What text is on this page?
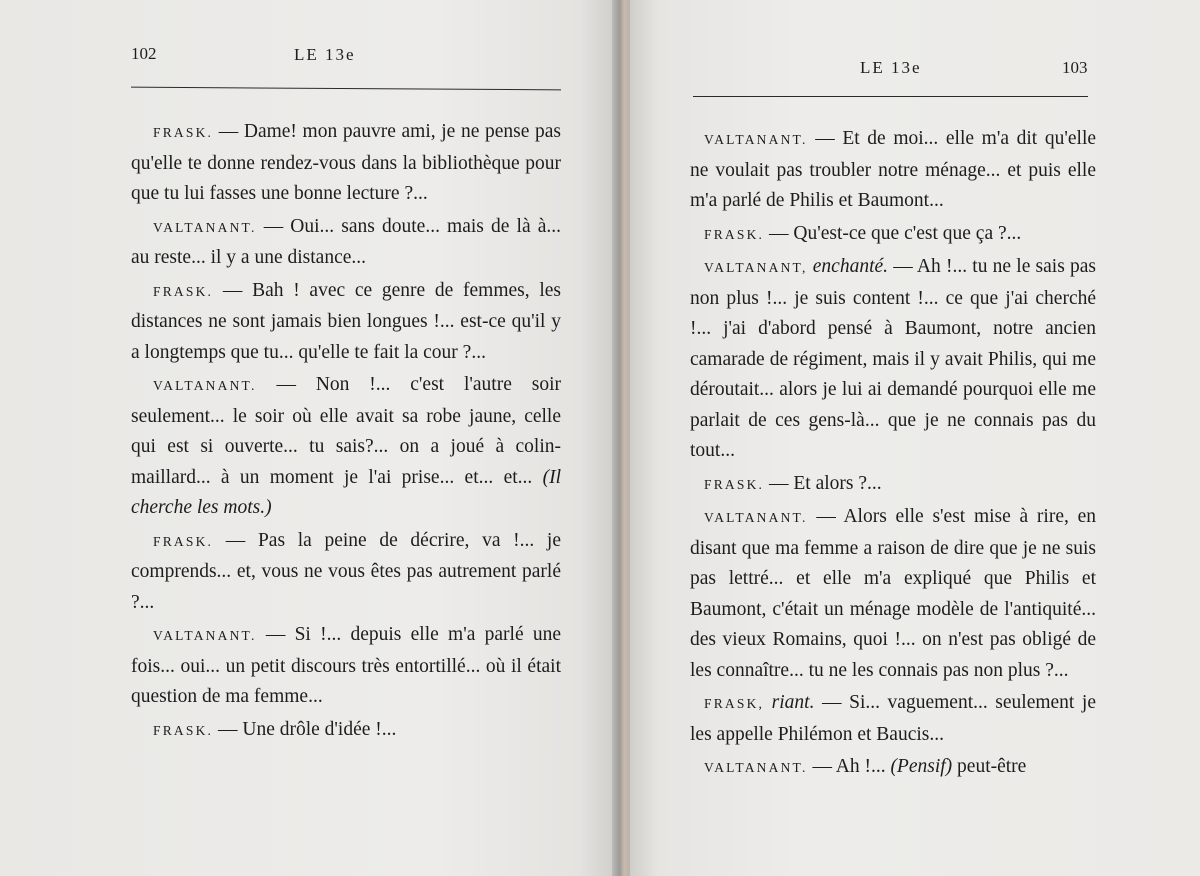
102	LE 13e

FRASK. — Dame! mon pauvre ami, je ne pense pas qu'elle te donne rendez-vous dans la bibliothèque pour que tu lui fasses une bonne lecture ?...

VALTANANT. — Oui... sans doute... mais de là à... au reste... il y a une distance...

FRASK. — Bah ! avec ce genre de femmes, les distances ne sont jamais bien longues !... est-ce qu'il y a longtemps que tu... qu'elle te fait la cour ?...

VALTANANT. — Non !... c'est l'autre soir seulement... le soir où elle avait sa robe jaune, celle qui est si ouverte... tu sais?... on a joué à colin-maillard... à un moment je l'ai prise... et... et... (Il cherche les mots.)

FRASK. — Pas la peine de décrire, va !... je comprends... et, vous ne vous êtes pas autrement parlé ?...

VALTANANT. — Si !... depuis elle m'a parlé une fois... oui... un petit discours très entortillé... où il était question de ma femme...

FRASK. — Une drôle d'idée !...

LE 13e	103

VALTANANT. — Et de moi... elle m'a dit qu'elle ne voulait pas troubler notre ménage... et puis elle m'a parlé de Philis et Baumont...

FRASK. — Qu'est-ce que c'est que ça ?...

VALTANANT, enchanté. — Ah !... tu ne le sais pas non plus !... je suis content !... ce que j'ai cherché !... j'ai d'abord pensé à Baumont, notre ancien camarade de régiment, mais il y avait Philis, qui me déroutait... alors je lui ai demandé pourquoi elle me parlait de ces gens-là... que je ne connais pas du tout...

FRASK. — Et alors ?...

VALTANANT. — Alors elle s'est mise à rire, en disant que ma femme a raison de dire que je ne suis pas lettré... et elle m'a expliqué que Philis et Baumont, c'était un ménage modèle de l'antiquité... des vieux Romains, quoi !... on n'est pas obligé de les connaître... tu ne les connais pas non plus ?...

FRASK, riant. — Si... vaguement... seulement je les appelle Philémon et Baucis...

VALTANANT. — Ah !... (Pensif) peut-être
